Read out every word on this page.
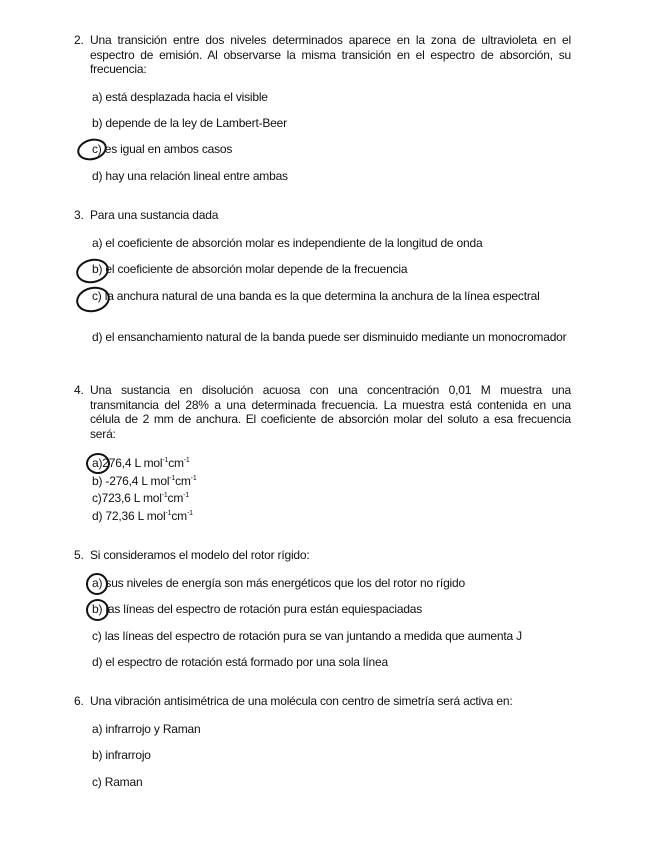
2. Una transición entre dos niveles determinados aparece en la zona de ultravioleta en el espectro de emisión. Al observarse la misma transición en el espectro de absorción, su frecuencia:
a) está desplazada hacia el visible
b) depende de la ley de Lambert-Beer
c) es igual en ambos casos
d) hay una relación lineal entre ambas
3. Para una sustancia dada
a) el coeficiente de absorción molar es independiente de la longitud de onda
b) el coeficiente de absorción molar depende de la frecuencia
c) la anchura natural de una banda es la que determina la anchura de la línea espectral
d) el ensanchamiento natural de la banda puede ser disminuido mediante un monocromador
4. Una sustancia en disolución acuosa con una concentración 0,01 M muestra una transmitancia del 28% a una determinada frecuencia. La muestra está contenida en una célula de 2 mm de anchura. El coeficiente de absorción molar del soluto a esa frecuencia será:
a)276,4 L $mol^{-1}cm^{-1}$
b) -276,4 L $mol^{-1}cm^{-1}$
c)723,6 L $mol^{-1}cm^{-1}$
d) 72,36 L $mol^{-1}cm^{-1}$
5. Si consideramos el modelo del rotor rígido:
a) sus niveles de energía son más energéticos que los del rotor no rígido
b) las líneas del espectro de rotación pura están equiespaciadas
c) las líneas del espectro de rotación pura se van juntando a medida que aumenta J
d) el espectro de rotación está formado por una sola línea
6. Una vibración antisimétrica de una molécula con centro de simetría será activa en:
a) infrarrojo y Raman
b) infrarrojo
c) Raman
